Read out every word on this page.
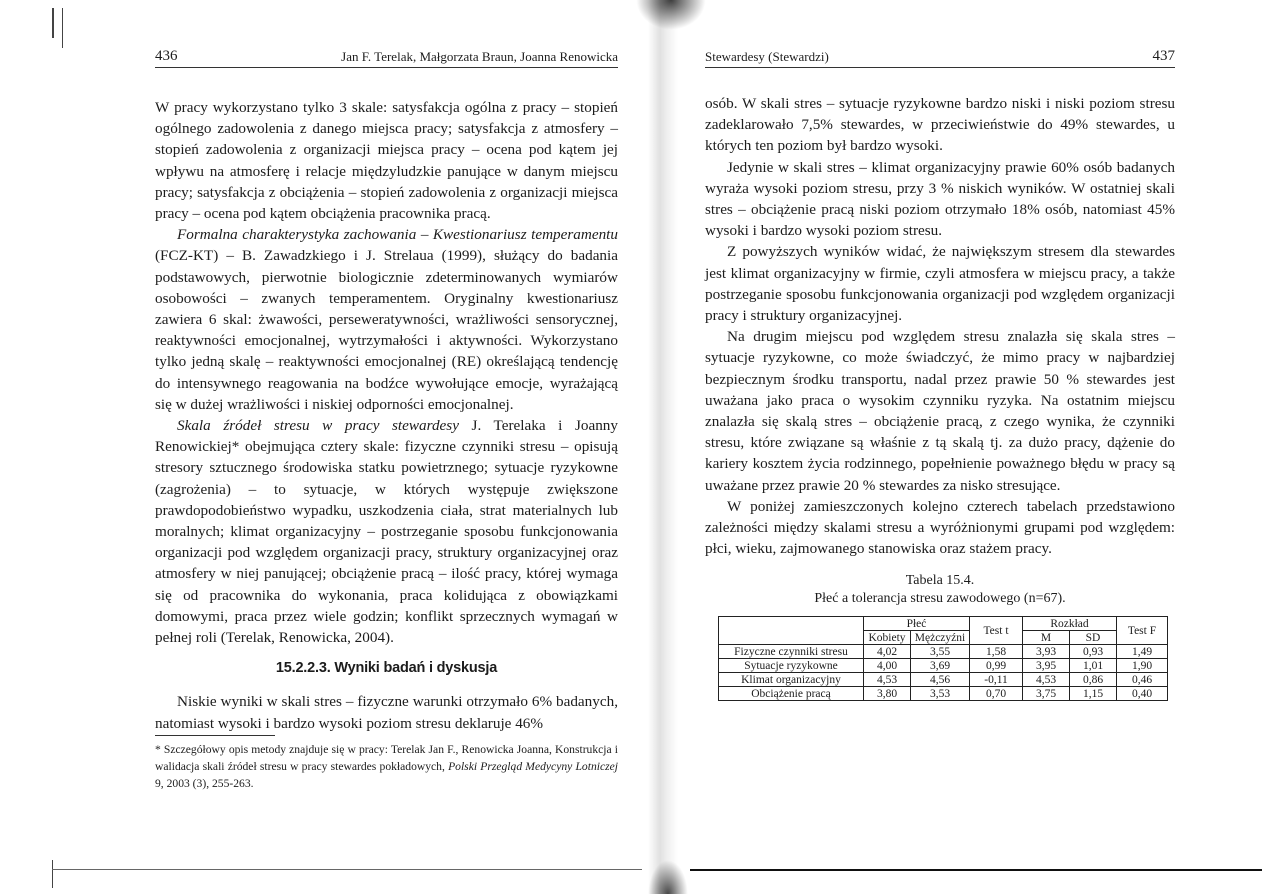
436	Jan F. Terelak, Małgorzata Braun, Joanna Renowicka

W pracy wykorzystano tylko 3 skale: satysfakcja ogólna z pracy – stopień ogólnego zadowolenia z danego miejsca pracy; satysfakcja z atmosfery – stopień zadowolenia z organizacji miejsca pracy – ocena pod kątem jej wpływu na atmosferę i relacje międzyludzkie panujące w danym miejscu pracy; satysfakcja z obciążenia – stopień zadowolenia z organizacji miejsca pracy – ocena pod kątem obciążenia pracownika pracą.

Formalna charakterystyka zachowania – Kwestionariusz temperamentu (FCZ-KT) – B. Zawadzkiego i J. Strelaua (1999), służący do badania podstawowych, pierwotnie biologicznie zdeterminowanych wymiarów osobowości – zwanych temperamentem. Oryginalny kwestionariusz zawiera 6 skal: żwawości, perseweratywności, wrażliwości sensorycznej, reaktywności emocjonalnej, wytrzymałości i aktywności. Wykorzystano tylko jedną skalę – reaktywności emocjonalnej (RE) określającą tendencję do intensywnego reagowania na bodźce wywołujące emocje, wyrażającą się w dużej wrażliwości i niskiej odporności emocjonalnej.

Skala źródeł stresu w pracy stewardesy J. Terelaka i Joanny Renowickiej* obejmująca cztery skale: fizyczne czynniki stresu – opisują stresory sztucznego środowiska statku powietrznego; sytuacje ryzykowne (zagrożenia) – to sytuacje, w których występuje zwiększone prawdopodobieństwo wypadku, uszkodzenia ciała, strat materialnych lub moralnych; klimat organizacyjny – postrzeganie sposobu funkcjonowania organizacji pod względem organizacji pracy, struktury organizacyjnej oraz atmosfery w niej panującej; obciążenie pracą – ilość pracy, której wymaga się od pracownika do wykonania, praca kolidująca z obowiązkami domowymi, praca przez wiele godzin; konflikt sprzecznych wymagań w pełnej roli (Terelak, Renowicka, 2004).

15.2.2.3. Wyniki badań i dyskusja

Niskie wyniki w skali stres – fizyczne warunki otrzymało 6% badanych, natomiast wysoki i bardzo wysoki poziom stresu deklaruje 46%

* Szczegółowy opis metody znajduje się w pracy: Terelak Jan F., Renowicka Joanna, Konstrukcja i walidacja skali źródeł stresu w pracy stewardes pokładowych, Polski Przegląd Medycyny Lotniczej 9, 2003 (3), 255-263.
Stewardesy (Stewardzi)	437

osób. W skali stres – sytuacje ryzykowne bardzo niski i niski poziom stresu zadeklarowało 7,5% stewardes, w przeciwieństwie do 49% stewardes, u których ten poziom był bardzo wysoki.

Jedynie w skali stres – klimat organizacyjny prawie 60% osób badanych wyraża wysoki poziom stresu, przy 3 % niskich wyników. W ostatniej skali stres – obciążenie pracą niski poziom otrzymało 18% osób, natomiast 45% wysoki i bardzo wysoki poziom stresu.

Z powyższych wyników widać, że największym stresem dla stewardes jest klimat organizacyjny w firmie, czyli atmosfera w miejscu pracy, a także postrzeganie sposobu funkcjonowania organizacji pod względem organizacji pracy i struktury organizacyjnej.

Na drugim miejscu pod względem stresu znalazła się skala stres – sytuacje ryzykowne, co może świadczyć, że mimo pracy w najbardziej bezpiecznym środku transportu, nadal przez prawie 50 % stewardes jest uważana jako praca o wysokim czynniku ryzyka. Na ostatnim miejscu znalazła się skalą stres – obciążenie pracą, z czego wynika, że czynniki stresu, które związane są właśnie z tą skalą tj. za dużo pracy, dążenie do kariery kosztem życia rodzinnego, popełnienie poważnego błędu w pracy są uważane przez prawie 20 % stewardes za nisko stresujące.

W poniżej zamieszczonych kolejno czterech tabelach przedstawiono zależności między skalami stresu a wyróżnionymi grupami pod względem: płci, wieku, zajmowanego stanowiska oraz stażem pracy.

Tabela 15.4.
Płeć a tolerancja stresu zawodowego (n=67).
	Płeć		Test t	Rozkład		Test F
	Kobiety	Mężczyźni		M	SD	
Fizyczne czynniki stresu	4,02	3,55	1,58	3,93	0,93	1,49
Sytuacje ryzykowne	4,00	3,69	0,99	3,95	1,01	1,90
Klimat organizacyjny	4,53	4,56	-0,11	4,53	0,86	0,46
Obciążenie pracą	3,80	3,53	0,70	3,75	1,15	0,40
